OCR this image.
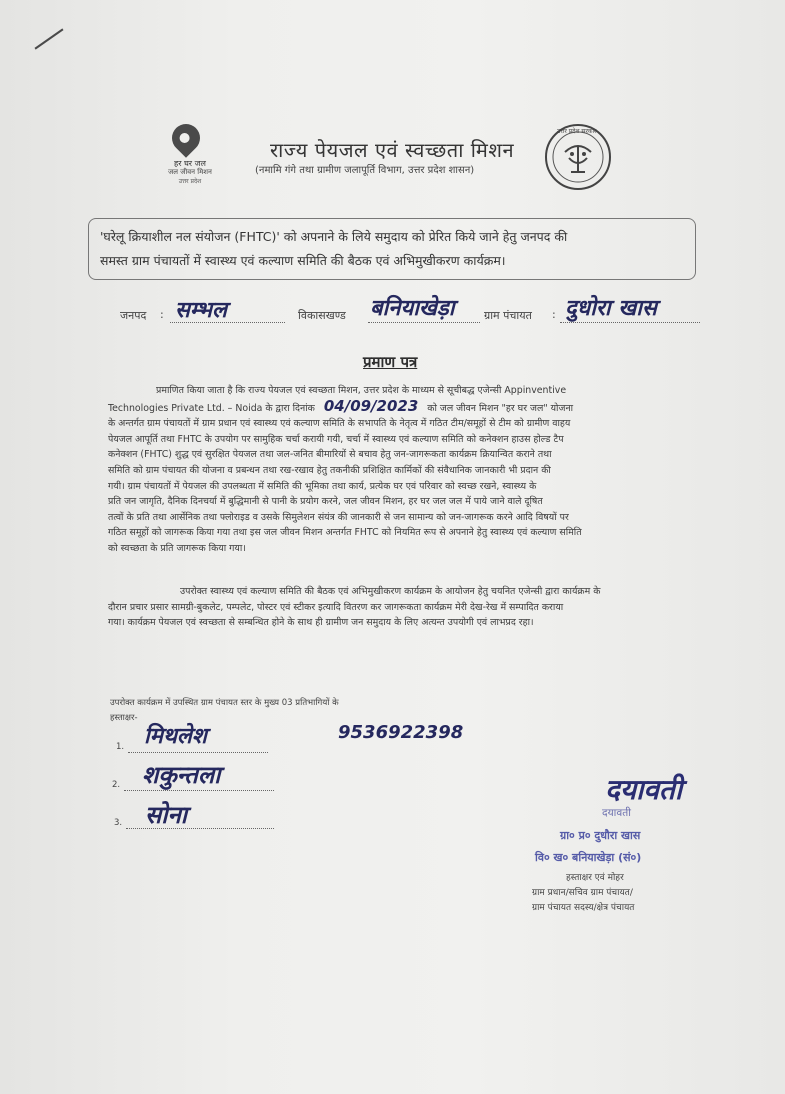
हर घर जल
जल जीवन मिशन
उत्तर प्रदेश
राज्य पेयजल एवं स्वच्छता मिशन
(नमामि गंगे तथा ग्रामीण जलापूर्ति विभाग, उत्तर प्रदेश शासन)
उत्तर प्रदेश सरकार
'घरेलू क्रियाशील नल संयोजन (FHTC)' को अपनाने के लिये समुदाय को प्रेरित किये जाने हेतु जनपद की
समस्त ग्राम पंचायतों में स्वास्थ्य एवं कल्याण समिति की बैठक एवं अभिमुखीकरण कार्यक्रम।
जनपद : सम्भल	विकासखण्ड बनियाखेड़ा	ग्राम पंचायत : दुधोरा खास
प्रमाण पत्र
प्रमाणित किया जाता है कि राज्य पेयजल एवं स्वच्छता मिशन, उत्तर प्रदेश के माध्यम से सूचीबद्ध एजेन्सी Appinventive
Technologies Private Ltd. – Noida के द्वारा दिनांक 04/09/2023 को जल जीवन मिशन "हर घर जल" योजना
के अन्तर्गत ग्राम पंचायतों में ग्राम प्रधान एवं स्वास्थ्य एवं कल्याण समिति के सभापति के नेतृत्व में गठित टीम/समूहों से टीम को ग्रामीण वाहय
पेयजल आपूर्ति तथा FHTC के उपयोग पर सामुहिक चर्चा करायी गयी, चर्चा में स्वास्थ्य एवं कल्याण समिति को कनेक्शन हाउस होल्ड टैप
कनेक्शन (FHTC) शुद्ध एवं सुरक्षित पेयजल तथा जल-जनित बीमारियों से बचाव हेतु जन-जागरूकता कार्यक्रम क्रियान्वित कराने तथा
समिति को ग्राम पंचायत की योजना व प्रबन्धन तथा रख-रखाव हेतु तकनीकी प्रशिक्षित कार्मिकों की संवैधानिक जानकारी भी प्रदान की
गयी। ग्राम पंचायतों में पेयजल की उपलब्धता में समिति की भूमिका तथा कार्य, प्रत्येक घर एवं परिवार को स्वच्छ रखने, स्वास्थ्य के
प्रति जन जागृति, दैनिक दिनचर्या में बुद्धिमानी से पानी के प्रयोग करने, जल जीवन मिशन, हर घर जल जल में पाये जाने वाले दूषित
तत्वों के प्रति तथा आर्सेनिक तथा फ्लोराइड व उसके सिमुलेशन संयंत्र की जानकारी से जन सामान्य को जन-जागरूक करने आदि विषयों पर
गठित समूहों को जागरूक किया गया तथा इस जल जीवन मिशन अन्तर्गत FHTC को नियमित रूप से अपनाने हेतु स्वास्थ्य एवं कल्याण समिति
को स्वच्छता के प्रति जागरूक किया गया।
उपरोक्त स्वास्थ्य एवं कल्याण समिति की बैठक एवं अभिमुखीकरण कार्यक्रम के आयोजन हेतु चयनित एजेन्सी द्वारा कार्यक्रम के
दौरान प्रचार प्रसार सामग्री-बुकलेट, पम्पलेट, पोस्टर एवं स्टीकर इत्यादि वितरण कर जागरूकता कार्यक्रम मेरी देख-रेख में सम्पादित कराया
गया। कार्यक्रम पेयजल एवं स्वच्छता से सम्बन्धित होने के साथ ही ग्रामीण जन समुदाय के लिए अत्यन्त उपयोगी एवं लाभप्रद रहा।
उपरोक्त कार्यक्रम में उपस्थित ग्राम पंचायत स्तर के मुख्य 03 प्रतिभागियों के
हस्ताक्षर-
1. मिथलेश	9536922398
2. शकुन्तला
3. सोना
दयावती
दयावती
ग्रा० प्र० दुधौरा खास
वि० ख० बनियाखेड़ा (सं०)
हस्ताक्षर एवं मोहर
ग्राम प्रधान/सचिव ग्राम पंचायत/
ग्राम पंचायत सदस्य/क्षेत्र पंचायत
